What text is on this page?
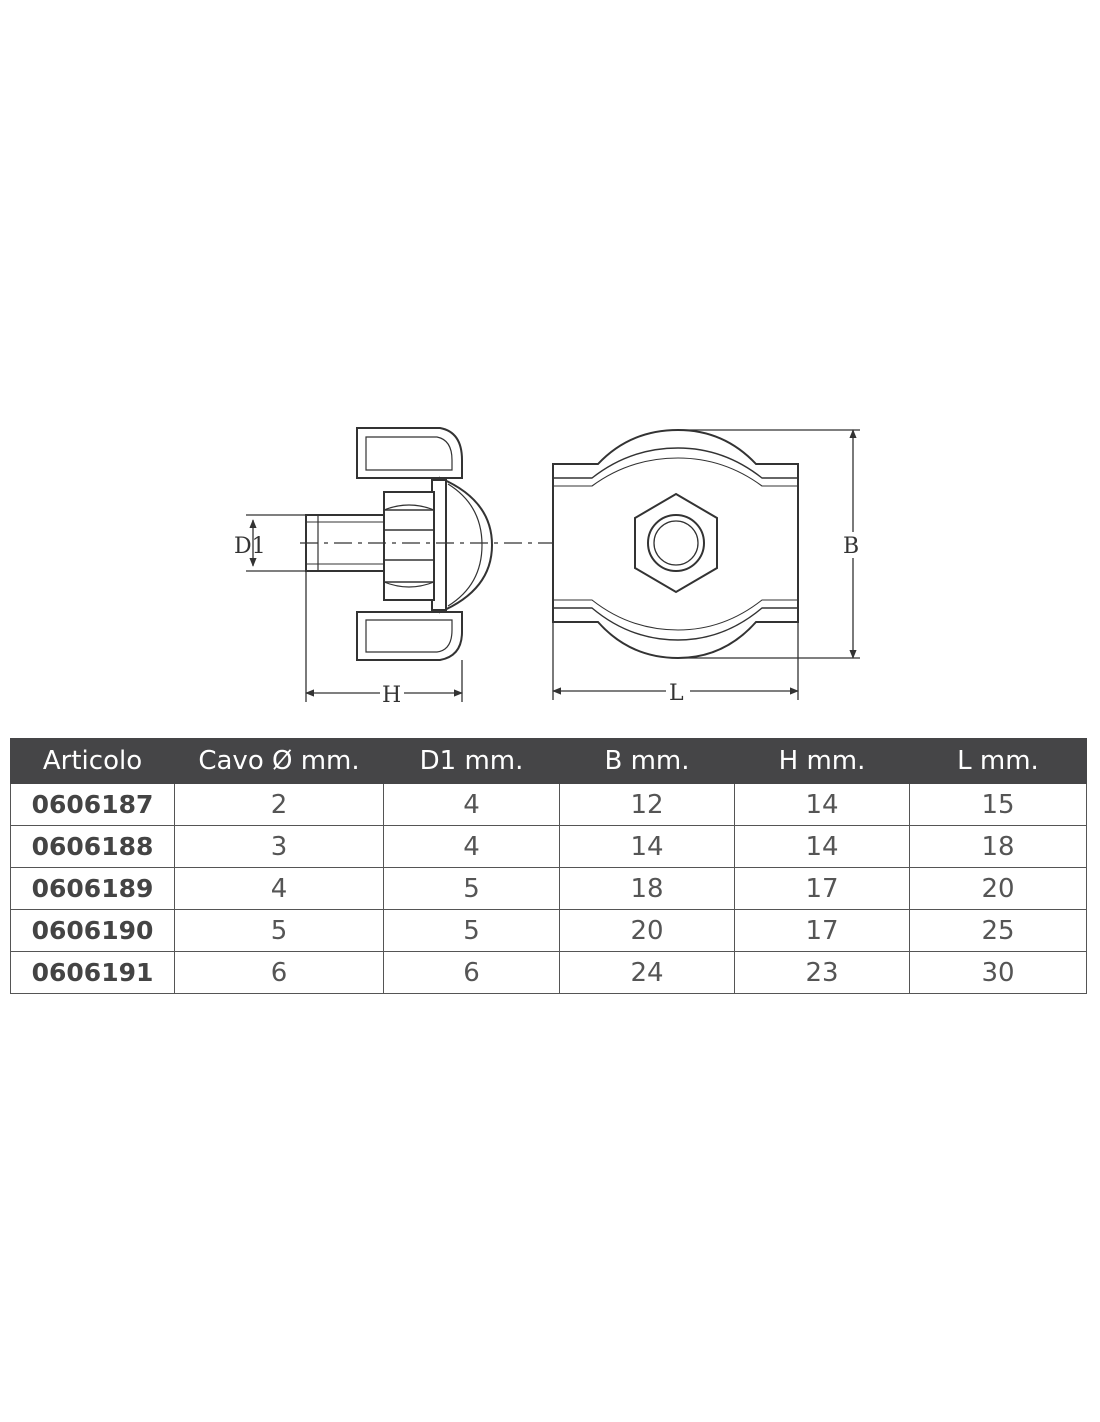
D1
H	L
B
Articolo	Cavo Ø mm.	D1 mm.	B mm.	H mm.	L mm.
0606187	2	4	12	14	15
0606188	3	4	14	14	18
0606189	4	5	18	17	20
0606190	5	5	20	17	25
0606191	6	6	24	23	30
